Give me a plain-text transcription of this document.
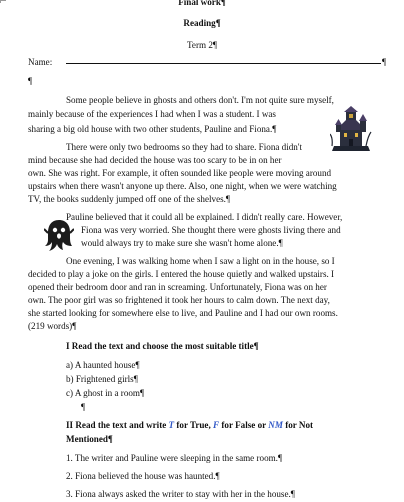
Final work¶
Reading¶
Term 2¶
Name:	¶
¶
Some people believe in ghosts and others don't. I'm not quite sure myself,
mainly because of the experiences I had when I was a student. I was
sharing a big old house with two other students, Pauline and Fiona.¶
There were only two bedrooms so they had to share. Fiona didn't
mind because she had decided the house was too scary to be in on her
own. She was right. For example, it often sounded like people were moving around
upstairs when there wasn't anyone up there. Also, one night, when we were watching
TV, the books suddenly jumped off one of the shelves.¶
Pauline believed that it could all be explained. I didn't really care. However,
Fiona was very worried. She thought there were ghosts living there and
would always try to make sure she wasn't home alone.¶
One evening, I was walking home when I saw a light on in the house, so I
decided to play a joke on the girls. I entered the house quietly and walked upstairs. I
opened their bedroom door and ran in screaming. Unfortunately, Fiona was on her
own. The poor girl was so frightened it took her hours to calm down. The next day,
she started looking for somewhere else to live, and Pauline and I had our own rooms.
(219 words)¶
I Read the text and choose the most suitable title¶
a) A haunted house¶
b) Frightened girls¶
c) A ghost in a room¶
¶
II Read the text and write T for True, F for False or NM for Not
Mentioned¶
1. The writer and Pauline were sleeping in the same room.¶
2. Fiona believed the house was haunted.¶
3. Fiona always asked the writer to stay with her in the house.¶
